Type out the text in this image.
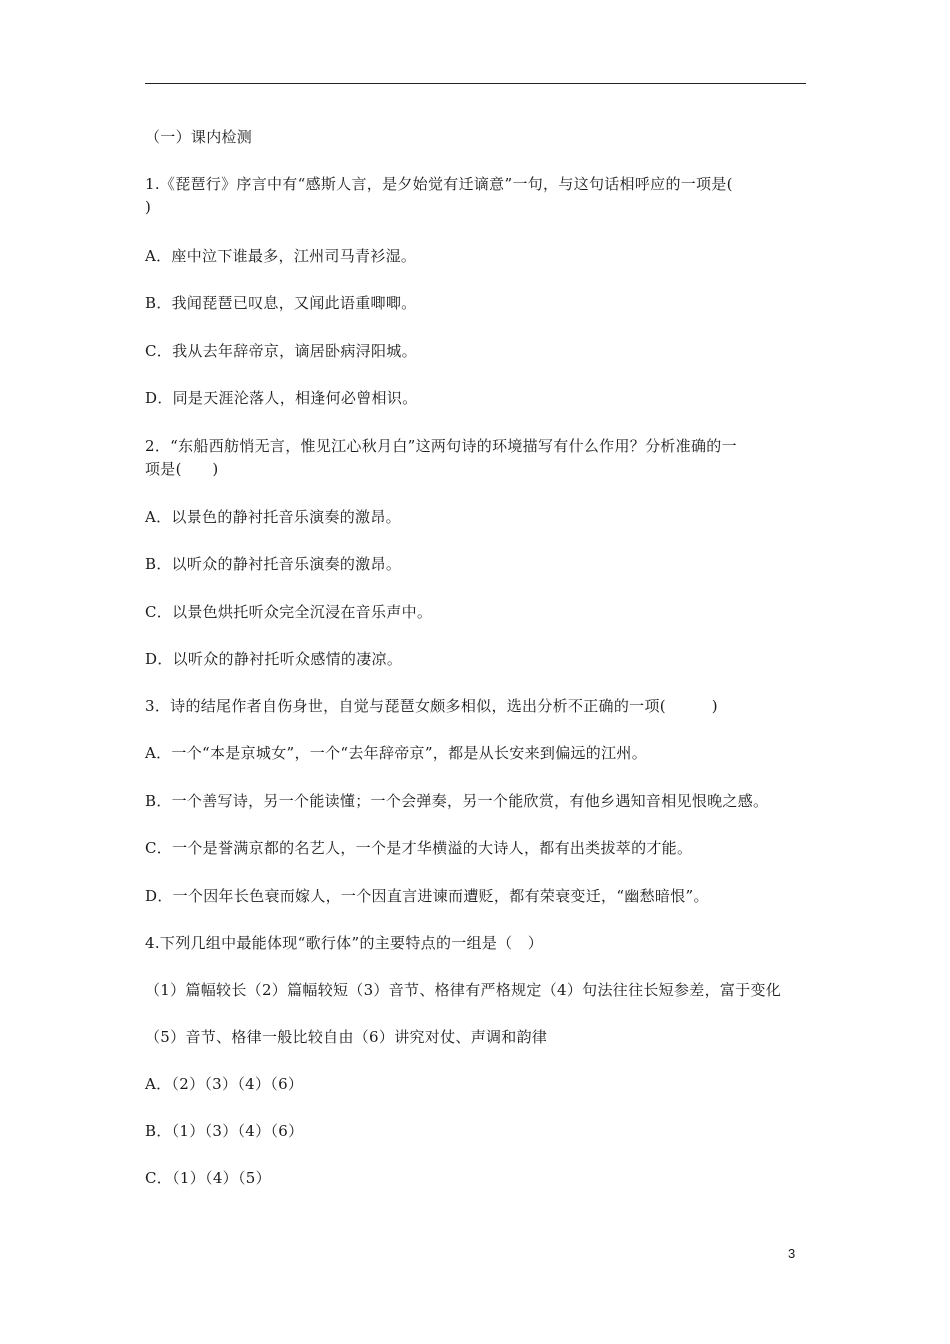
（一）课内检测
1.《琵琶行》序言中有“感斯人言，是夕始觉有迁谪意”一句，与这句话相呼应的一项是(
)
A．座中泣下谁最多，江州司马青衫湿。
B．我闻琵琶已叹息，又闻此语重唧唧。
C．我从去年辞帝京，谪居卧病浔阳城。
D．同是天涯沦落人，相逢何必曾相识。
2．“东船西舫悄无言，惟见江心秋月白”这两句诗的环境描写有什么作用？分析准确的一
项是(　　)
A．以景色的静衬托音乐演奏的激昂。
B．以听众的静衬托音乐演奏的激昂。
C．以景色烘托听众完全沉浸在音乐声中。
D．以听众的静衬托听众感情的凄凉。
3．诗的结尾作者自伤身世，自觉与琵琶女颇多相似，选出分析不正确的一项(　　　)
A．一个“本是京城女”，一个“去年辞帝京”，都是从长安来到偏远的江州。
B．一个善写诗，另一个能读懂；一个会弹奏，另一个能欣赏，有他乡遇知音相见恨晚之感。
C．一个是誉满京都的名艺人，一个是才华横溢的大诗人，都有出类拔萃的才能。
D．一个因年长色衰而嫁人，一个因直言进谏而遭贬，都有荣衰变迁，“幽愁暗恨”。
4.下列几组中最能体现“歌行体”的主要特点的一组是（　）
（1）篇幅较长（2）篇幅较短（3）音节、格律有严格规定（4）句法往往长短参差，富于变化
（5）音节、格律一般比较自由（6）讲究对仗、声调和韵律
A．（2）（3）（4）（6）
B．（1）（3）（4）（6）
C．（1）（4）（5）
3
